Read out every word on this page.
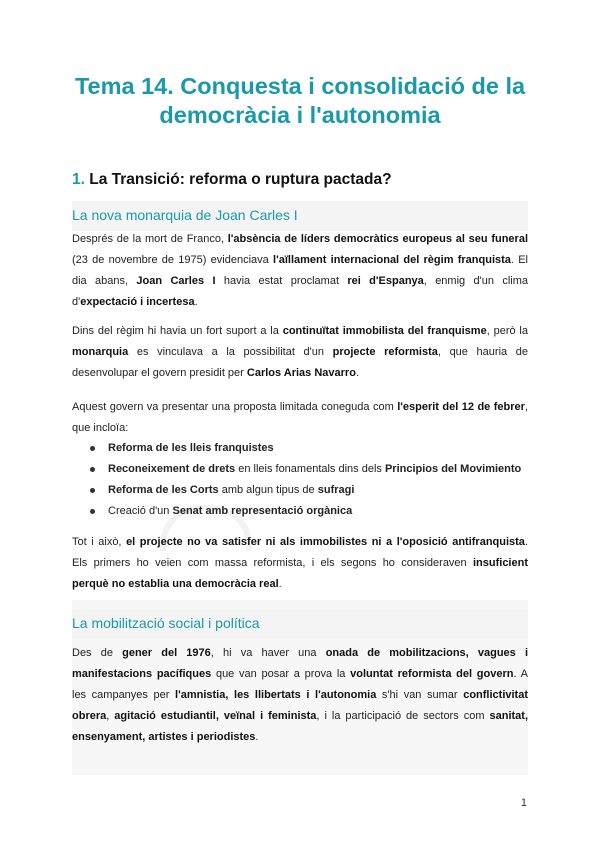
Tema 14. Conquesta i consolidació de la
democràcia i l'autonomia
1. La Transició: reforma o ruptura pactada?
La nova monarquia de Joan Carles I
Després de la mort de Franco, l'absència de líders democràtics europeus al seu funeral
(23 de novembre de 1975) evidenciava l'aïllament internacional del règim franquista. El
dia abans, Joan Carles I havia estat proclamat rei d'Espanya, enmig d'un clima
d'expectació i incertesa.
Dins del règim hi havia un fort suport a la continuïtat immobilista del franquisme, però la
monarquia es vinculava a la possibilitat d'un projecte reformista, que hauria de
desenvolupar el govern presidit per Carlos Arias Navarro.
Aquest govern va presentar una proposta limitada coneguda com l'esperit del 12 de febrer,
que incloïa:
Reforma de les lleis franquistes
Reconeixement de drets en lleis fonamentals dins dels Principios del Movimiento
Reforma de les Corts amb algun tipus de sufragi
Creació d'un Senat amb representació orgànica
Tot i això, el projecte no va satisfer ni als immobilistes ni a l'oposició antifranquista.
Els primers ho veien com massa reformista, i els segons ho consideraven insuficient
perquè no establia una democràcia real.
La mobilització social i política
Des de gener del 1976, hi va haver una onada de mobilitzacions, vagues i
manifestacions pacífiques que van posar a prova la voluntat reformista del govern. A
les campanyes per l'amnistia, les llibertats i l'autonomia s'hi van sumar conflictivitat
obrera, agitació estudiantil, veïnal i feminista, i la participació de sectors com sanitat,
ensenyament, artistes i periodistes.
1
